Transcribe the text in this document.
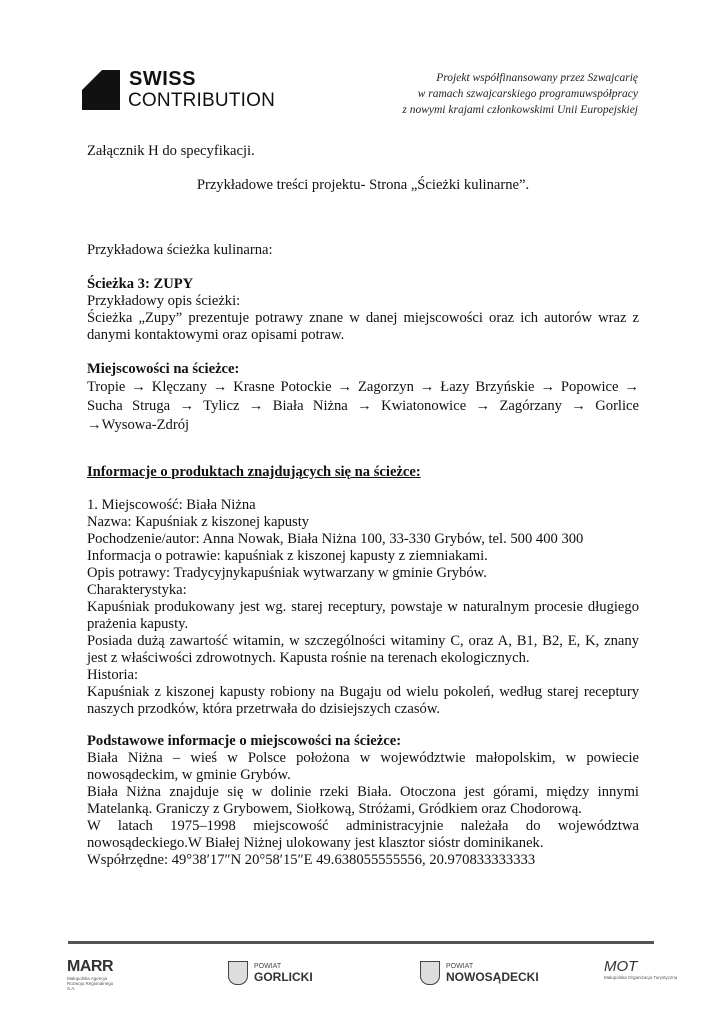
SWISS
CONTRIBUTION
Projekt współfinansowany przez Szwajcarię
w ramach szwajcarskiego programuwspółpracy
z nowymi krajami członkowskimi Unii Europejskiej
Załącznik H do specyfikacji.
Przykładowe treści projektu- Strona „Ścieżki kulinarne”.
Przykładowa ścieżka kulinarna:
Ścieżka 3: ZUPY
Przykładowy opis ścieżki:
Ścieżka „Zupy” prezentuje potrawy znane w danej miejscowości oraz ich autorów wraz z danymi kontaktowymi oraz opisami potraw.
Miejscowości na ścieżce:
Tropie → Klęczany → Krasne Potockie → Zagorzyn → Łazy Brzyńskie → Popowice → Sucha Struga → Tylicz → Biała Niżna → Kwiatonowice → Zagórzany → Gorlice →Wysowa-Zdrój
Informacje o produktach znajdujących się na ścieżce:
1. Miejscowość: Biała Niżna
Nazwa: Kapuśniak z kiszonej kapusty
Pochodzenie/autor: Anna Nowak, Biała Niżna 100, 33-330 Grybów, tel. 500 400 300
Informacja o potrawie: kapuśniak z kiszonej kapusty z ziemniakami.
Opis potrawy: Tradycyjnykapuśniak wytwarzany w gminie Grybów.
Charakterystyka:
Kapuśniak produkowany jest wg. starej receptury, powstaje w naturalnym procesie długiego prażenia kapusty.
Posiada dużą zawartość witamin, w szczególności witaminy C, oraz A, B1, B2, E, K, znany jest z właściwości zdrowotnych. Kapusta rośnie na terenach ekologicznych.
Historia:
Kapuśniak z kiszonej kapusty robiony na Bugaju od wielu pokoleń, według starej receptury naszych przodków, która przetrwała do dzisiejszych czasów.
Podstawowe informacje o miejscowości na ścieżce:
Biała Niżna – wieś w Polsce położona w województwie małopolskim, w powiecie nowosądeckim, w gminie Grybów.
Biała Niżna znajduje się w dolinie rzeki Biała. Otoczona jest górami, między innymi Matelanką. Graniczy z Grybowem, Siołkową, Stróżami, Gródkiem oraz Chodorową.
W latach 1975–1998 miejscowość administracyjnie należała do województwa nowosądeckiego.W Białej Niżnej ulokowany jest klasztor sióstr dominikanek.
Współrzędne: 49°38′17″N 20°58′15″E 49.638055555556, 20.970833333333
MARR
Małopolska Agencja Rozwoju Regionalnego S.A.
POWIAT
GORLICKI
POWIAT
NOWOSĄDECKI
MOT
Małopolska Organizacja Turystyczna
